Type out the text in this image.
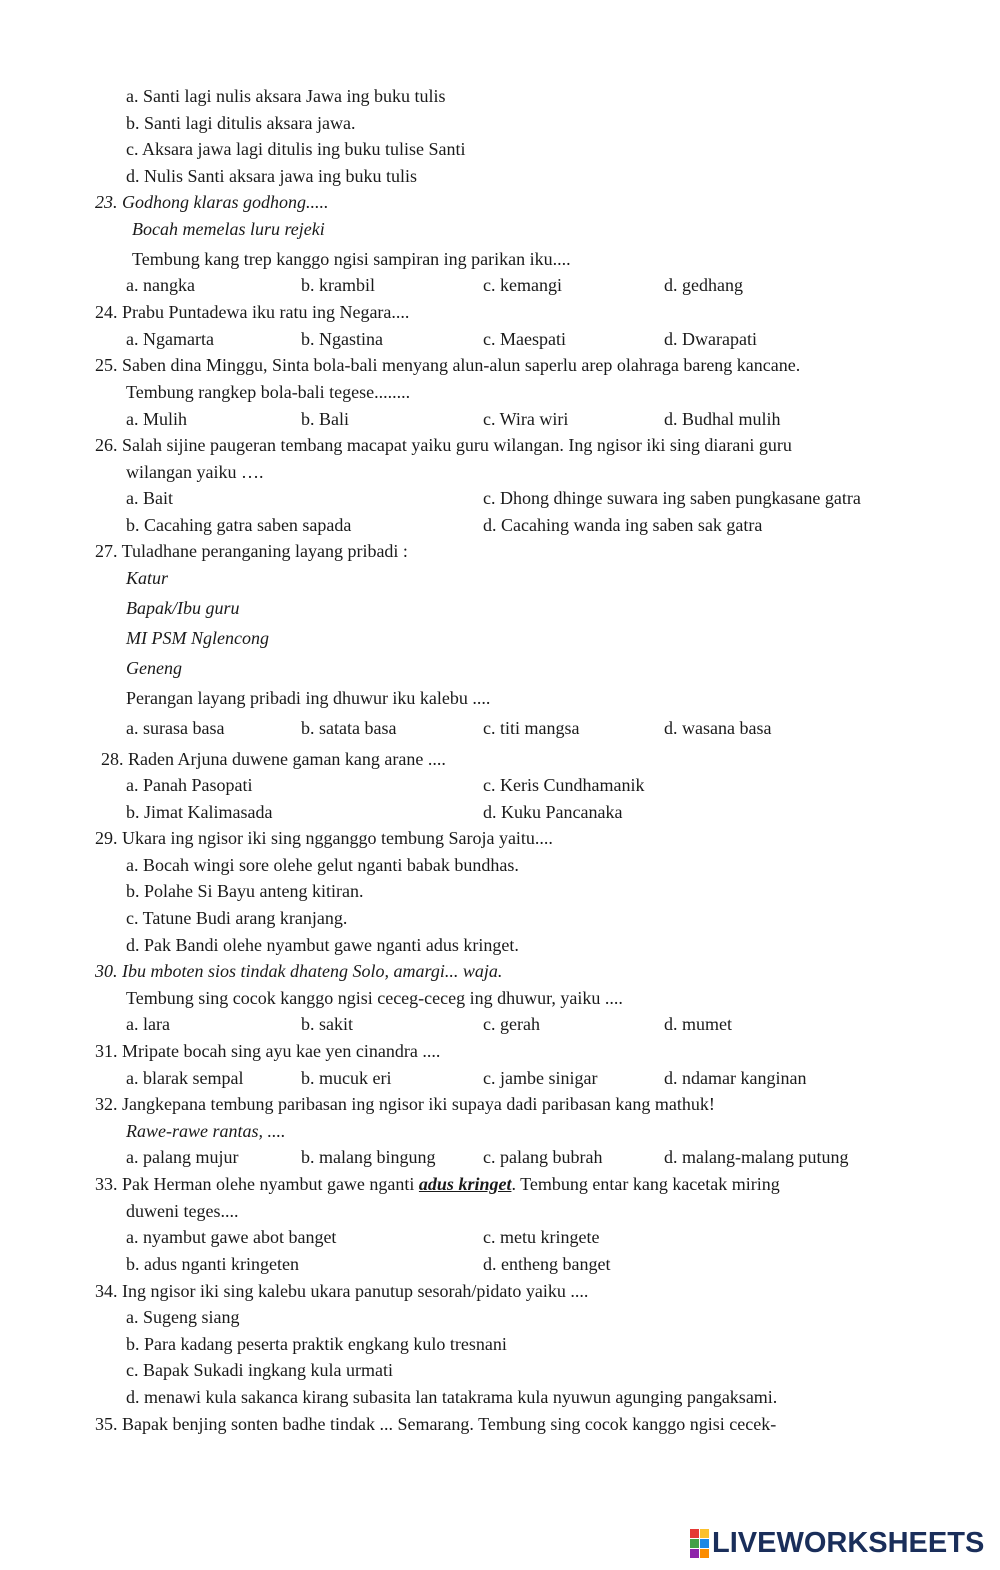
a. Santi lagi nulis aksara Jawa ing buku tulis
b. Santi lagi ditulis aksara jawa.
c. Aksara jawa lagi ditulis ing buku tulise Santi
d. Nulis Santi aksara jawa ing buku tulis
23. Godhong klaras godhong.....
Bocah memelas luru rejeki
Tembung kang trep kanggo ngisi sampiran ing parikan iku....
a. nangka	b. krambil	c. kemangi	d. gedhang
24. Prabu Puntadewa iku ratu ing Negara....
a. Ngamarta	b. Ngastina	c. Maespati	d. Dwarapati
25. Saben dina Minggu, Sinta bola-bali menyang alun-alun saperlu arep olahraga bareng kancane.
Tembung rangkep bola-bali tegese........
a. Mulih	b. Bali	c. Wira wiri	d. Budhal mulih
26. Salah sijine paugeran tembang macapat yaiku guru wilangan. Ing ngisor iki sing diarani guru
wilangan yaiku ….
a. Bait	c. Dhong dhinge suwara ing saben pungkasane gatra
b. Cacahing gatra saben sapada	d. Cacahing wanda ing saben sak gatra
27. Tuladhane peranganing layang pribadi :
Katur
Bapak/Ibu guru
MI PSM Nglencong
Geneng
Perangan layang pribadi ing dhuwur iku kalebu ....
a. surasa basa	b. satata basa	c. titi mangsa	d. wasana basa
28. Raden Arjuna duwene gaman kang arane ....
a. Panah Pasopati	c. Keris Cundhamanik
b. Jimat Kalimasada	d. Kuku Pancanaka
29. Ukara ing ngisor iki sing ngganggo tembung Saroja yaitu....
a. Bocah wingi sore olehe gelut nganti babak bundhas.
b. Polahe Si Bayu anteng kitiran.
c. Tatune Budi arang kranjang.
d. Pak Bandi olehe nyambut gawe nganti adus kringet.
30. Ibu mboten sios tindak dhateng Solo, amargi... waja.
Tembung sing cocok kanggo ngisi ceceg-ceceg ing dhuwur, yaiku ....
a. lara	b. sakit	c. gerah	d. mumet
31. Mripate bocah sing ayu kae yen cinandra ....
a. blarak sempal	b. mucuk eri	c. jambe sinigar	d. ndamar kanginan
32. Jangkepana tembung paribasan ing ngisor iki supaya dadi paribasan kang mathuk!
Rawe-rawe rantas, ....
a. palang mujur	b. malang bingung	c. palang bubrah	d. malang-malang putung
33. Pak Herman olehe nyambut gawe nganti adus kringet. Tembung entar kang kacetak miring
duweni teges....
a. nyambut gawe abot banget	c. metu kringete
b. adus nganti kringeten	d. entheng banget
34. Ing ngisor iki sing kalebu ukara panutup sesorah/pidato yaiku ....
a. Sugeng siang
b. Para kadang peserta praktik engkang kulo tresnani
c. Bapak Sukadi ingkang kula urmati
d. menawi kula sakanca kirang subasita lan tatakrama kula nyuwun agunging pangaksami.
35. Bapak benjing sonten badhe tindak ... Semarang. Tembung sing cocok kanggo ngisi cecek-
LIVEWORKSHEETS
